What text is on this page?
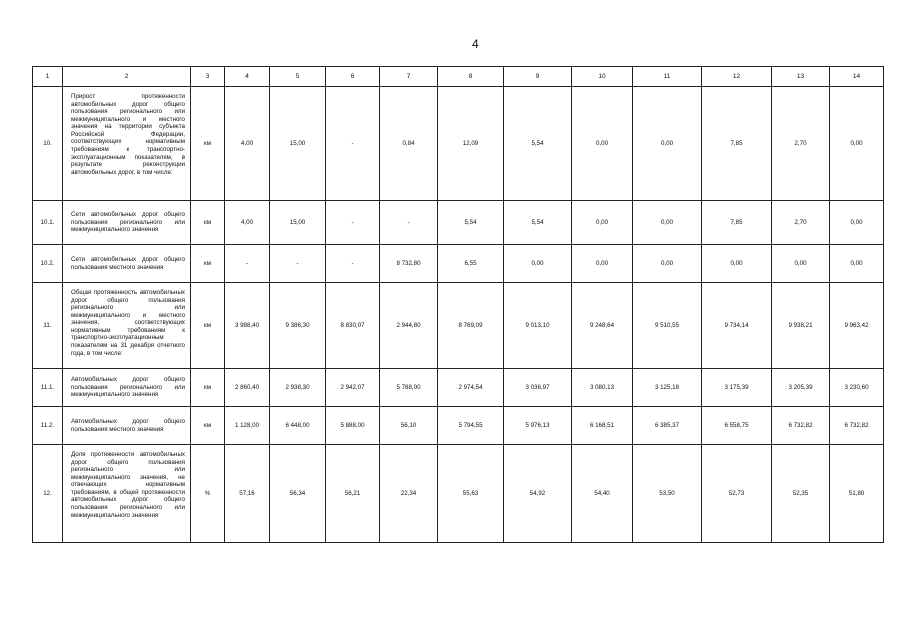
4
1	2	3	4	5	6	7	8	9	10	11	12	13	14
10.	Прирост протяженности автомобильных дорог общего пользования регионального или межмуниципального и местного значения на территории субъекта Российской Федерации, соответствующих нормативным требованиям к транспортно-эксплуатационным показателям, в результате реконструкции автомобильных дорог, в том числе:	км	4,00	15,00	-	0,84	12,09	5,54	0,00	0,00	7,85	2,70	0,00
10.1.	Сети автомобильных дорог общего пользования регионального или межмуниципального значения	км	4,00	15,00	-	-	5,54	5,54	0,00	0,00	7,85	2,70	0,00
10.2.	Сети автомобильных дорог общего пользования местного значения	км	-	-	-	8 732,80	6,55	0,00	0,00	0,00	0,00	0,00	0,00
11.	Общая протяженность автомобильных дорог общего пользования регионального или межмуниципального и местного значения, соответствующих нормативным требованиям к транспортно-эксплуатационным показателям на 31 декабря отчетного года, в том числе:	км	3 988,40	9 386,30	8 830,07	2 944,80	8 769,09	9 013,10	9 248,64	9 510,55	9 734,14	9 938,21	9 963,42
11.1.	Автомобильных дорог общего пользования регионального или межмуниципального значения	км	2 860,40	2 938,30	2 942,07	5 788,00	2 974,54	3 036,97	3 080,13	3 125,18	3 175,39	3 205,39	3 230,60
11.2.	Автомобильных дорог общего пользования местного значения	км	1 128,00	6 448,00	5 888,00	56,10	5 794,55	5 976,13	6 168,51	6 385,37	6 558,75	6 732,82	6 732,82
12.	Доля протяженности автомобильных дорог общего пользования регионального или межмуниципального значения, не отвечающих нормативным требованиям, в общей протяженности автомобильных дорог общего пользования регионального или межмуниципального значения	%	57,16	56,34	56,21	22,34	55,63	54,92	54,40	53,50	52,73	52,35	51,80
